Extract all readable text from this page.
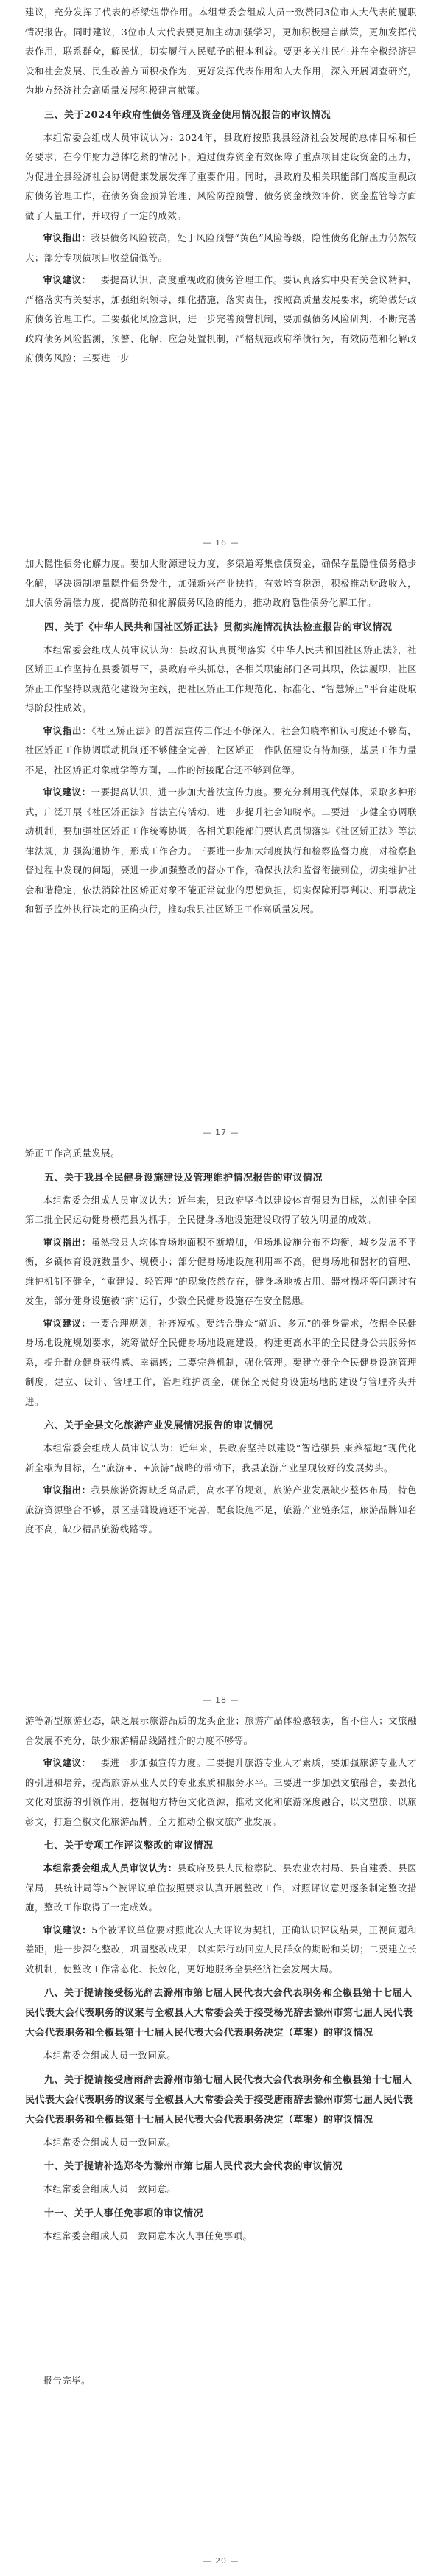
建议，充分发挥了代表的桥梁纽带作用。本组常委会组成人员一致赞同3位市人大代表的履职情况报告。同时建议，3位市人大代表要更加主动加强学习，更加积极建言献策，更加发挥代表作用，联系群众，解民忧，切实履行人民赋予的根本利益。要更多关注民生并在全椒经济建设和社会发展、民生改善方面积极作为，更好发挥代表作用和人大作用，深入开展调查研究，为地方经济社会高质量发展积极建言献策。

三、关于2024年政府性债务管理及资金使用情况报告的审议情况

本组常委会组成人员审议认为：2024年，县政府按照我县经济社会发展的总体目标和任务要求，在今年财力总体吃紧的情况下，通过债券资金有效保障了重点项目建设资金的压力，为促进全县经济社会协调健康发展发挥了重要作用。同时，县政府及相关职能部门高度重视政府债务管理工作，在债务资金预算管理、风险防控预警、债务资金绩效评价、资金监管等方面做了大量工作，并取得了一定的成效。

审议指出：我县债务风险较高，处于风险预警“黄色”风险等级，隐性债务化解压力仍然较大；部分专项债项目收益偏低等。

审议建议：一要提高认识，高度重视政府债务管理工作。要认真落实中央有关会议精神，严格落实有关要求，加强组织领导，细化措施，落实责任，按照高质量发展要求，统筹做好政府债务管理工作。二要强化风险意识，进一步完善预警机制，要加强债务风险研判，不断完善政府债务风险监测，预警、化解、应急处置机制，严格规范政府举债行为，有效防范和化解政府债务风险；三要进一步

— 16 —

加大隐性债务化解力度。要加大财源建设力度，多渠道筹集偿债资金，确保存量隐性债务稳步化解，坚决遏制增量隐性债务发生，加强新兴产业扶持，有效培育税源，积极推动财政收入，加大债务清偿力度，提高防范和化解债务风险的能力，推动政府隐性债务化解工作。

四、关于《中华人民共和国社区矫正法》贯彻实施情况执法检查报告的审议情况

本组常委会组成人员审议认为：县政府认真贯彻落实《中华人民共和国社区矫正法》，社区矫正工作坚持在县委领导下，县政府牵头抓总，各相关职能部门各司其职，依法履职，社区矫正工作坚持以规范化建设为主线，把社区矫正工作规范化、标准化、“智慧矫正”平台建设取得阶段性成效。

审议指出：《社区矫正法》的普法宣传工作还不够深入，社会知晓率和认可度还不够高，社区矫正工作协调联动机制还不够健全完善，社区矫正工作队伍建设有待加强，基层工作力量不足，社区矫正对象就学等方面，工作的衔接配合还不够到位等。

审议建议：一要提高认识，进一步加大普法宣传力度。要充分利用现代媒体，采取多种形式，广泛开展《社区矫正法》普法宣传活动，进一步提升社会知晓率。二要进一步健全协调联动机制，要加强社区矫正工作统筹协调，各相关职能部门要认真贯彻落实《社区矫正法》等法律法规，加强沟通协作，形成工作合力。三要进一步加大制度执行和检察监督力度，对检察监督过程中发现的问题，要进一步加强整改的督办工作，确保执法和监督衔接到位，切实维护社会和谐稳定，依法消除社区矫正对象不能正常就业的思想负担，切实保障刑事判决、刑事裁定和暂予监外执行决定的正确执行，推动我县社区矫正工作高质量发展。

— 17 —

矫正工作高质量发展。

五、关于我县全民健身设施建设及管理维护情况报告的审议情况

本组常委会组成人员审议认为：近年来，县政府坚持以建设体育强县为目标，以创建全国第二批全民运动健身模范县为抓手，全民健身场地设施建设取得了较为明显的成效。

审议指出：虽然我县人均体育场地面积不断增加，但场地设施分布不均衡，城乡发展不平衡，乡镇体育设施数量少、规模小；部分健身场地设施利用率不高，健身场地和器材的管理、维护机制不健全，“重建设、轻管理”的现象依然存在，健身场地被占用、器材损坏等问题时有发生，部分健身设施被“病”运行，少数全民健身设施存在安全隐患。

审议建议：一要合理规划，补齐短板。要结合群众“就近、多元”的健身需求，依据全民健身场地设施规划要求，统筹做好全民健身场地设施建设，构建更高水平的全民健身公共服务体系，提升群众健身获得感、幸福感；二要完善机制，强化管理。要建立健全全民健身设施管理制度，建立、设计、管理工作，管理维护资金，确保全民健身设施场地的建设与管理齐头并进。

六、关于全县文化旅游产业发展情况报告的审议情况

本组常委会组成人员审议认为：近年来，县政府坚持以建设“智造强县 康养福地”现代化新全椒为目标，在“旅游+、+旅游”战略的带动下，我县旅游产业呈现较好的发展势头。

审议指出：我县旅游资源缺乏高品质，高水平的规划，旅游产业发展缺少整体布局，特色旅游资源整合不够，景区基础设施还不完善，配套设施不足，旅游产业链条短，旅游品牌知名度不高，缺少精品旅游线路等。

— 18 —

游等新型旅游业态，缺乏展示旅游品质的龙头企业；旅游产品体验感较弱，留不住人；文旅融合发展不充分，缺少旅游精品线路推介的力度不够等。

审议建议：一要进一步加强宣传力度。二要提升旅游专业人才素质，要加强旅游专业人才的引进和培养，提高旅游从业人员的专业素质和服务水平。三要进一步加强文旅融合，要强化文化对旅游的引领作用，挖掘地方特色文化资源，推动文化和旅游深度融合，以文塑旅、以旅彰文，打造全椒文化旅游品牌，全力推动全椒文旅产业发展。

七、关于专项工作评议整改的审议情况

本组常委会组成人员审议认为：县政府及县人民检察院、县农业农村局、县自建委、县医保局，县统计局等5个被评议单位按照要求认真开展整改工作，对照评议意见逐条制定整改措施，整改工作取得了一定成效。

审议建议：5个被评议单位要对照此次人大评议为契机，正确认识评议结果，正视问题和差距，进一步深化整改，巩固整改成果，以实际行动回应人民群众的期盼和关切；二要建立长效机制，使整改工作常态化、长效化，更好地服务全县经济社会发展大局。

八、关于提请接受杨光辞去滁州市第七届人民代表大会代表职务和全椒县第十七届人民代表大会代表职务的议案与全椒县人大常委会关于接受杨光辞去滁州市第七届人民代表大会代表职务和全椒县第十七届人民代表大会代表职务决定（草案）的审议情况

本组常委会组成人员一致同意。

九、关于提请接受唐雨辞去滁州市第七届人民代表大会代表职务和全椒县第十七届人民代表大会代表职务的议案与全椒县人大常委会关于接受唐雨辞去滁州市第七届人民代表大会代表职务和全椒县第十七届人民代表大会代表职务决定（草案）的审议情况

本组常委会组成人员一致同意。

十、关于提请补选郑冬为滁州市第七届人民代表大会代表的审议情况

本组常委会组成人员一致同意。

十一、关于人事任免事项的审议情况

本组常委会组成人员一致同意本次人事任免事项。

报告完毕。

— 20 —
